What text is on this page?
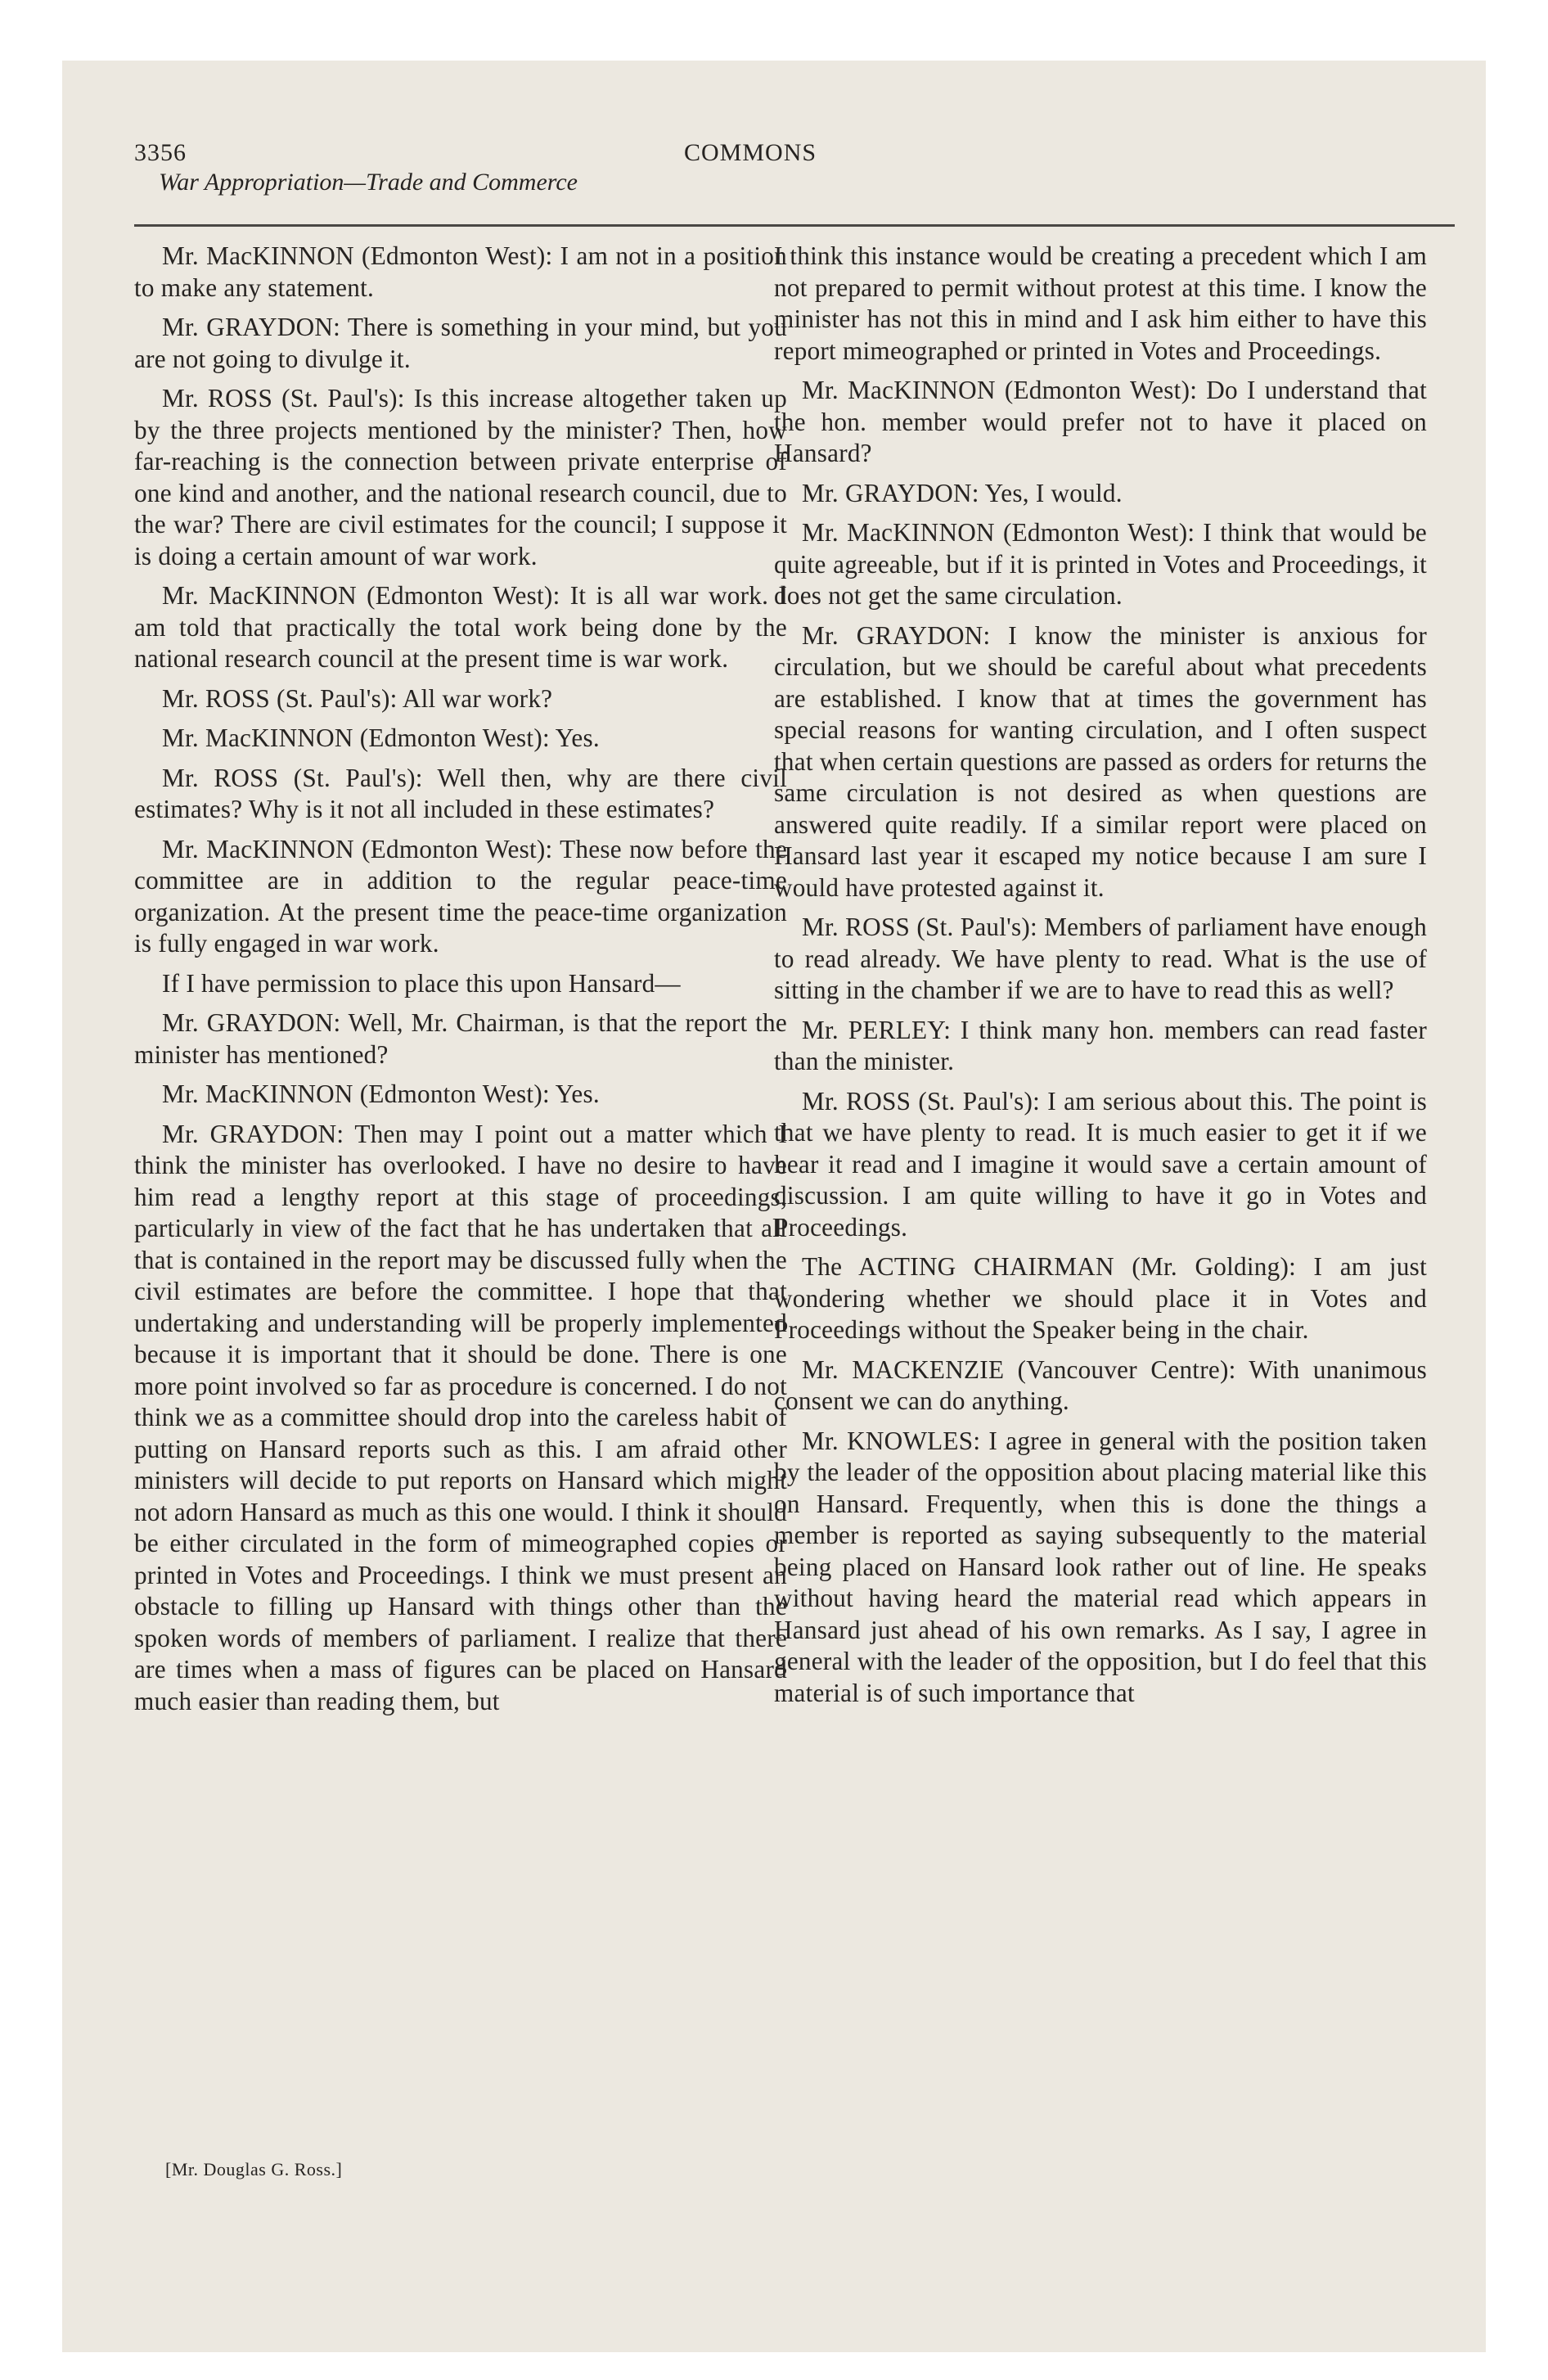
3356	COMMONS
War Appropriation—Trade and Commerce

Mr. MacKINNON (Edmonton West): I am not in a position to make any statement.

Mr. GRAYDON: There is something in your mind, but you are not going to divulge it.

Mr. ROSS (St. Paul's): Is this increase altogether taken up by the three projects mentioned by the minister? Then, how far-reaching is the connection between private enterprise of one kind and another, and the national research council, due to the war? There are civil estimates for the council; I suppose it is doing a certain amount of war work.

Mr. MacKINNON (Edmonton West): It is all war work. I am told that practically the total work being done by the national research council at the present time is war work.

Mr. ROSS (St. Paul's): All war work?

Mr. MacKINNON (Edmonton West): Yes.

Mr. ROSS (St. Paul's): Well then, why are there civil estimates? Why is it not all included in these estimates?

Mr. MacKINNON (Edmonton West): These now before the committee are in addition to the regular peace-time organization. At the present time the peace-time organization is fully engaged in war work.

If I have permission to place this upon Hansard—

Mr. GRAYDON: Well, Mr. Chairman, is that the report the minister has mentioned?

Mr. MacKINNON (Edmonton West): Yes.

Mr. GRAYDON: Then may I point out a matter which I think the minister has overlooked. I have no desire to have him read a lengthy report at this stage of proceedings, particularly in view of the fact that he has undertaken that all that is contained in the report may be discussed fully when the civil estimates are before the committee. I hope that that undertaking and understanding will be properly implemented because it is important that it should be done. There is one more point involved so far as procedure is concerned. I do not think we as a committee should drop into the careless habit of putting on Hansard reports such as this. I am afraid other ministers will decide to put reports on Hansard which might not adorn Hansard as much as this one would. I think it should be either circulated in the form of mimeographed copies or printed in Votes and Proceedings. I think we must present an obstacle to filling up Hansard with things other than the spoken words of members of parliament. I realize that there are times when a mass of figures can be placed on Hansard much easier than reading them, but

I think this instance would be creating a precedent which I am not prepared to permit without protest at this time. I know the minister has not this in mind and I ask him either to have this report mimeographed or printed in Votes and Proceedings.

Mr. MacKINNON (Edmonton West): Do I understand that the hon. member would prefer not to have it placed on Hansard?

Mr. GRAYDON: Yes, I would.

Mr. MacKINNON (Edmonton West): I think that would be quite agreeable, but if it is printed in Votes and Proceedings, it does not get the same circulation.

Mr. GRAYDON: I know the minister is anxious for circulation, but we should be careful about what precedents are established. I know that at times the government has special reasons for wanting circulation, and I often suspect that when certain questions are passed as orders for returns the same circulation is not desired as when questions are answered quite readily. If a similar report were placed on Hansard last year it escaped my notice because I am sure I would have protested against it.

Mr. ROSS (St. Paul's): Members of parliament have enough to read already. We have plenty to read. What is the use of sitting in the chamber if we are to have to read this as well?

Mr. PERLEY: I think many hon. members can read faster than the minister.

Mr. ROSS (St. Paul's): I am serious about this. The point is that we have plenty to read. It is much easier to get it if we hear it read and I imagine it would save a certain amount of discussion. I am quite willing to have it go in Votes and Proceedings.

The ACTING CHAIRMAN (Mr. Golding): I am just wondering whether we should place it in Votes and Proceedings without the Speaker being in the chair.

Mr. MACKENZIE (Vancouver Centre): With unanimous consent we can do anything.

Mr. KNOWLES: I agree in general with the position taken by the leader of the opposition about placing material like this on Hansard. Frequently, when this is done the things a member is reported as saying subsequently to the material being placed on Hansard look rather out of line. He speaks without having heard the material read which appears in Hansard just ahead of his own remarks. As I say, I agree in general with the leader of the opposition, but I do feel that this material is of such importance that

[Mr. Douglas G. Ross.]
